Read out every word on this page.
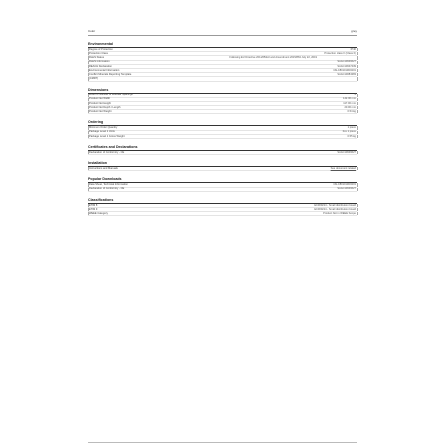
Color	grey
Environmental
Degree of Protection	IP40
Protection Class	Protection class II (Class II)
RoHS Status	Following EU Directive 2011/65/EU and Amendment 2015/863 July 22, 2019
RoHS Information	SAAC10646627
REACH Declaration	SAAC10647439
Environmental Information	1SLC801013D0201
Conflict Minerals Reporting Template	SAAC10084383
(CMRT)
Dimensions
Width in Number of Modular Spacings	4
Product Net Width	142.00 mm
Product Net Height	117.00 mm
Product Net Depth / Length	20.00 mm
Product Net Weight	0.54 kg
Ordering
Minimum Order Quantity	1 piece
Package Level 1 Units	box 1 piece
Package Level 1 Gross Weight	0.55 kg
Certificates and Declarations
Declaration of Conformity - CE	SAAC10646627
Installation
Instructions and Manuals	See document related
Popular Downloads
Data Sheet, Technical Information	1SLC801013D0201
Declaration of Conformity - CE	SAAC10646627
Classifications
ETIM 8	EC000214 - Small distribution board
ETIM 9	EC000214 - Small distribution board
WEEE Category	Product Not in WEEE Scope
